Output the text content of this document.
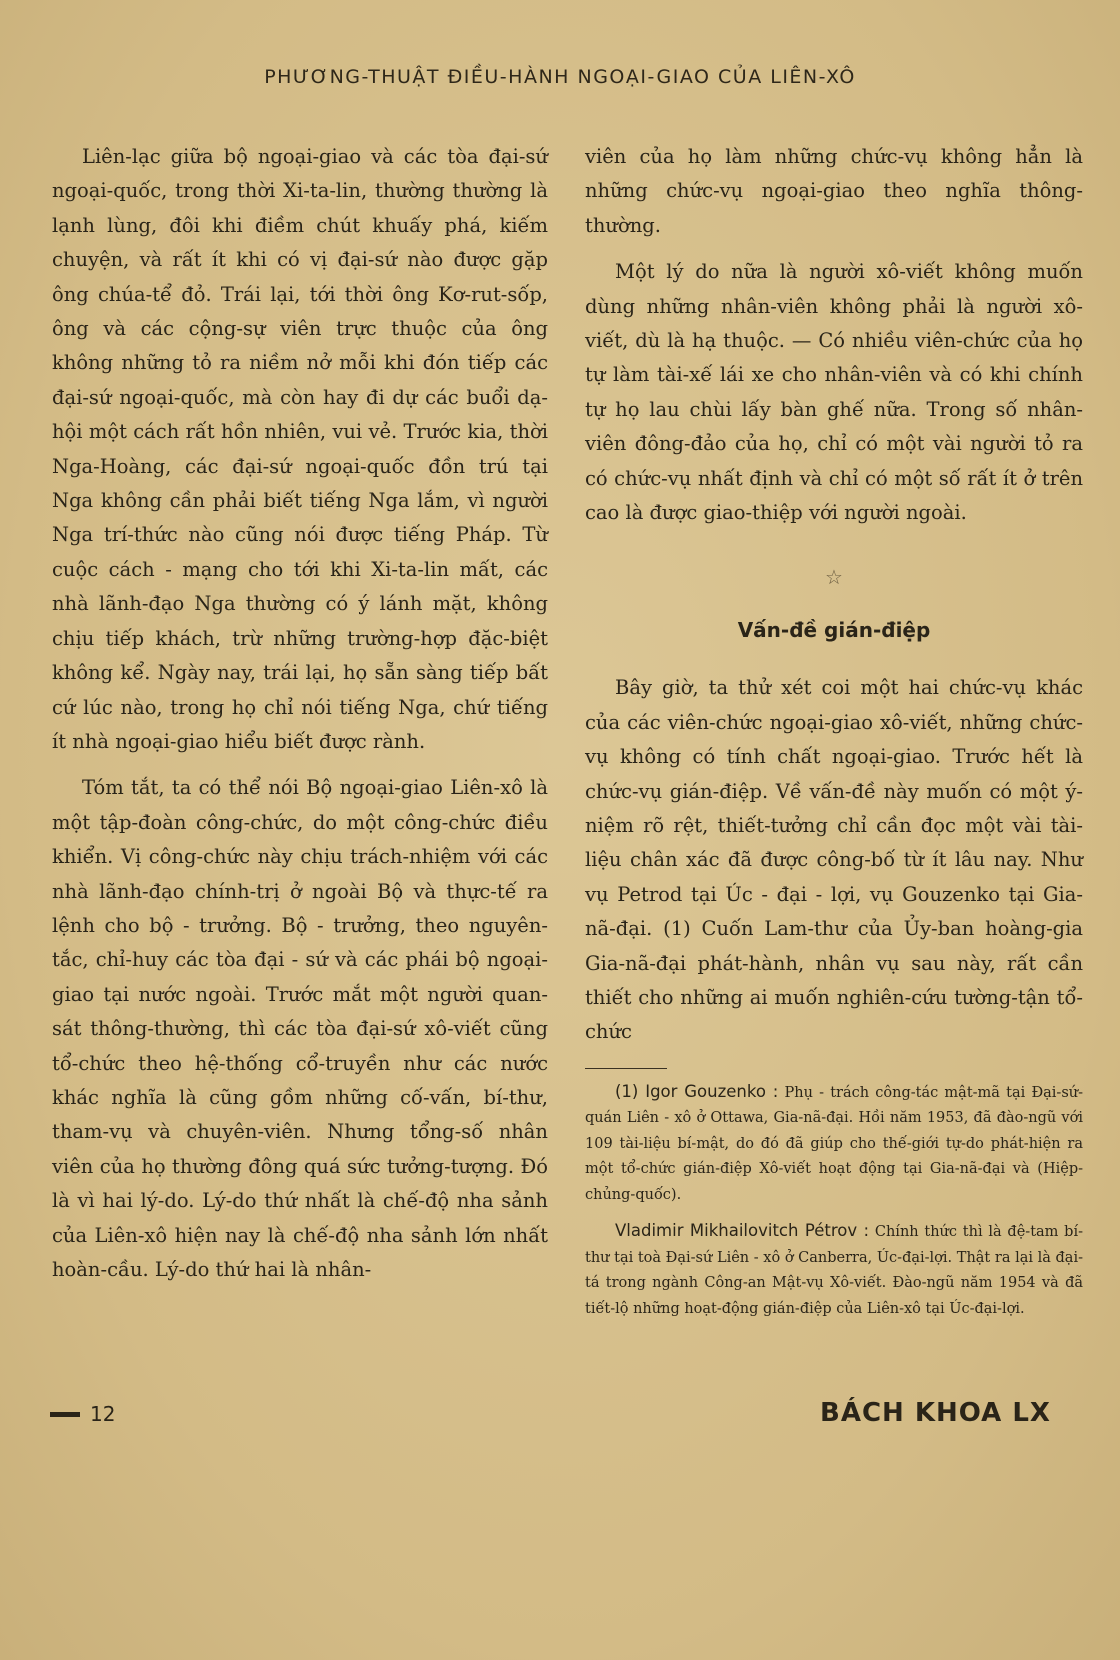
PHƯƠNG-THUẬT ĐIỀU-HÀNH NGOẠI-GIAO CỦA LIÊN-XÔ

Liên-lạc giữa bộ ngoại-giao và các tòa đại-sứ ngoại-quốc, trong thời Xi-ta-lin, thường thường là lạnh lùng, đôi khi điềm chút khuấy phá, kiếm chuyện, và rất ít khi có vị đại-sứ nào được gặp ông chúa-tể đỏ. Trái lại, tới thời ông Kơ-rut-sốp, ông và các cộng-sự viên trực thuộc của ông không những tỏ ra niềm nở mỗi khi đón tiếp các đại-sứ ngoại-quốc, mà còn hay đi dự các buổi dạ-hội một cách rất hồn nhiên, vui vẻ. Trước kia, thời Nga-Hoàng, các đại-sứ ngoại-quốc đồn trú tại Nga không cần phải biết tiếng Nga lắm, vì người Nga trí-thức nào cũng nói được tiếng Pháp. Từ cuộc cách - mạng cho tới khi Xi-ta-lin mất, các nhà lãnh-đạo Nga thường có ý lánh mặt, không chịu tiếp khách, trừ những trường-hợp đặc-biệt không kể. Ngày nay, trái lại, họ sẵn sàng tiếp bất cứ lúc nào, trong họ chỉ nói tiếng Nga, chứ tiếng ít nhà ngoại-giao hiểu biết được rành.

Tóm tắt, ta có thể nói Bộ ngoại-giao Liên-xô là một tập-đoàn công-chức, do một công-chức điều khiển. Vị công-chức này chịu trách-nhiệm với các nhà lãnh-đạo chính-trị ở ngoài Bộ và thực-tế ra lệnh cho bộ - trưởng. Bộ - trưởng, theo nguyên-tắc, chỉ-huy các tòa đại - sứ và các phái bộ ngoại-giao tại nước ngoài. Trước mắt một người quan-sát thông-thường, thì các tòa đại-sứ xô-viết cũng tổ-chức theo hệ-thống cổ-truyền như các nước khác nghĩa là cũng gồm những cố-vấn, bí-thư, tham-vụ và chuyên-viên. Nhưng tổng-số nhân viên của họ thường đông quá sức tưởng-tượng. Đó là vì hai lý-do. Lý-do thứ nhất là chế-độ nha sảnh của Liên-xô hiện nay là chế-độ nha sảnh lớn nhất hoàn-cầu. Lý-do thứ hai là nhân-

viên của họ làm những chức-vụ không hẳn là những chức-vụ ngoại-giao theo nghĩa thông-thường.

Một lý do nữa là người xô-viết không muốn dùng những nhân-viên không phải là người xô-viết, dù là hạ thuộc. — Có nhiều viên-chức của họ tự làm tài-xế lái xe cho nhân-viên và có khi chính tự họ lau chùi lấy bàn ghế nữa. Trong số nhân-viên đông-đảo của họ, chỉ có một vài người tỏ ra có chức-vụ nhất định và chỉ có một số rất ít ở trên cao là được giao-thiệp với người ngoài.

☆
Vấn-đề gián-điệp

Bây giờ, ta thử xét coi một hai chức-vụ khác của các viên-chức ngoại-giao xô-viết, những chức-vụ không có tính chất ngoại-giao. Trước hết là chức-vụ gián-điệp. Về vấn-đề này muốn có một ý-niệm rõ rệt, thiết-tưởng chỉ cần đọc một vài tài-liệu chân xác đã được công-bố từ ít lâu nay. Như vụ Petrod tại Úc - đại - lợi, vụ Gouzenko tại Gia-nã-đại. (1) Cuốn Lam-thư của Ủy-ban hoàng-gia Gia-nã-đại phát-hành, nhân vụ sau này, rất cần thiết cho những ai muốn nghiên-cứu tường-tận tổ-chức

(1) Igor Gouzenko : Phụ - trách công-tác mật-mã tại Đại-sứ-quán Liên - xô ở Ottawa, Gia-nã-đại. Hồi năm 1953, đã đào-ngũ với 109 tài-liệu bí-mật, do đó đã giúp cho thế-giới tự-do phát-hiện ra một tổ-chức gián-điệp Xô-viết hoạt động tại Gia-nã-đại và (Hiệp-chủng-quốc).

Vladimir Mikhailovitch Pétrov : Chính thức thì là đệ-tam bí-thư tại toà Đại-sứ Liên - xô ở Canberra, Úc-đại-lợi. Thật ra lại là đại-tá trong ngành Công-an Mật-vụ Xô-viết. Đào-ngũ năm 1954 và đã tiết-lộ những hoạt-động gián-điệp của Liên-xô tại Úc-đại-lợi.

12	BÁCH KHOA LX
